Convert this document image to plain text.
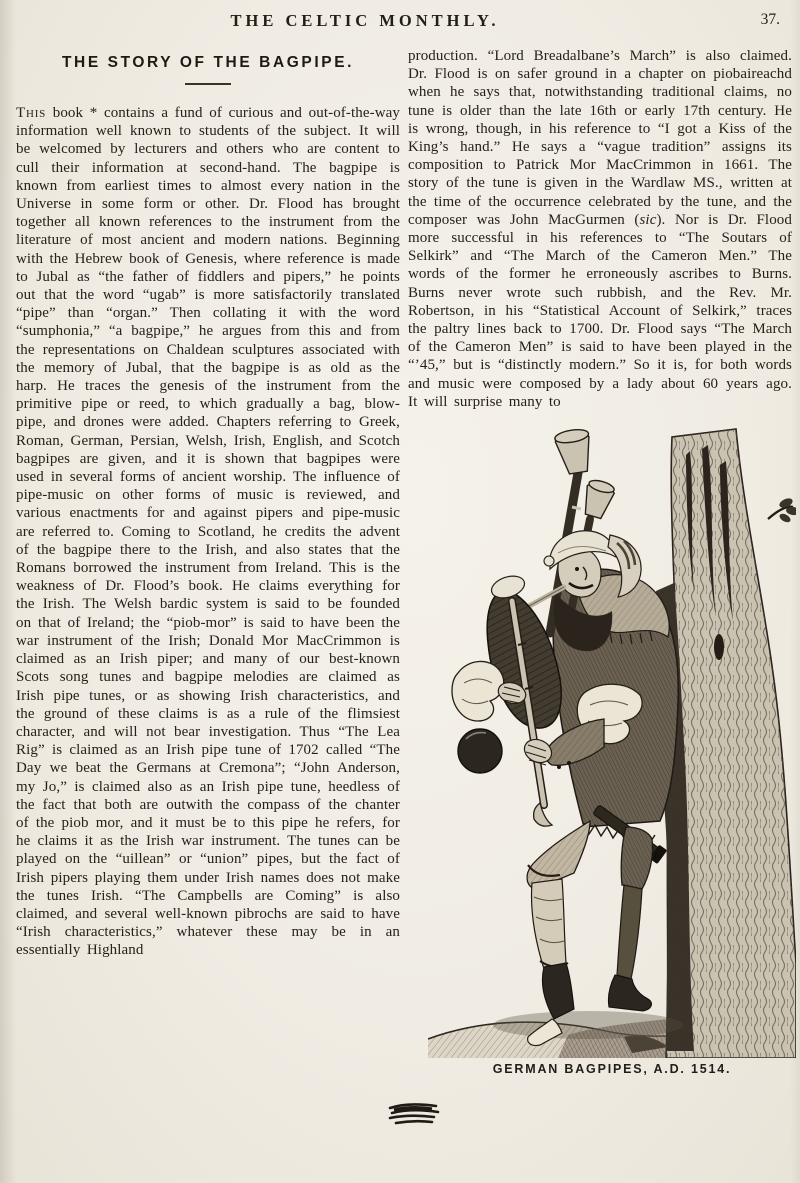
THE CELTIC MONTHLY.	37.
THE STORY OF THE BAGPIPE.

This book * contains a fund of curious and out-of-the-way information well known to students of the subject. It will be welcomed by lecturers and others who are content to cull their information at second-hand. The bagpipe is known from earliest times to almost every nation in the Universe in some form or other. Dr. Flood has brought together all known references to the instrument from the literature of most ancient and modern nations. Beginning with the Hebrew book of Genesis, where reference is made to Jubal as “the father of fiddlers and pipers,” he points out that the word “ugab” is more satisfactorily translated “pipe” than “organ.” Then collating it with the word “sumphonia,” “a bagpipe,” he argues from this and from the representations on Chaldean sculptures associated with the memory of Jubal, that the bagpipe is as old as the harp. He traces the genesis of the instrument from the primitive pipe or reed, to which gradually a bag, blow-pipe, and drones were added. Chapters referring to Greek, Roman, German, Persian, Welsh, Irish, English, and Scotch bagpipes are given, and it is shown that bagpipes were used in several forms of ancient worship. The influence of pipe-music on other forms of music is reviewed, and various enactments for and against pipers and pipe-music are referred to. Coming to Scotland, he credits the advent of the bagpipe there to the Irish, and also states that the Romans borrowed the instrument from Ireland. This is the weakness of Dr. Flood’s book. He claims everything for the Irish. The Welsh bardic system is said to be founded on that of Ireland; the “piob-mor” is said to have been the war instrument of the Irish; Donald Mor MacCrimmon is claimed as an Irish piper; and many of our best-known Scots song tunes and bagpipe melodies are claimed as Irish pipe tunes, or as showing Irish characteristics, and the ground of these claims is as a rule of the flimsiest character, and will not bear investigation. Thus “The Lea Rig” is claimed as an Irish pipe tune of 1702 called “The Day we beat the Germans at Cremona”; “John Anderson, my Jo,” is claimed also as an Irish pipe tune, heedless of the fact that both are outwith the compass of the chanter of the piob mor, and it must be to this pipe he refers, for he claims it as the Irish war instrument. The tunes can be played on the “uillean” or “union” pipes, but the fact of Irish pipers playing them under Irish names does not make the tunes Irish. “The Campbells are Coming” is also claimed, and several well-known pibrochs are said to have “Irish characteristics,” whatever these may be in an essentially Highland

production. “Lord Breadalbane’s March” is also claimed. Dr. Flood is on safer ground in a chapter on piobaireachd when he says that, notwithstanding traditional claims, no tune is older than the late 16th or early 17th century. He is wrong, though, in his reference to “I got a Kiss of the King’s hand.” He says a “vague tradition” assigns its composition to Patrick Mor MacCrimmon in 1661. The story of the tune is given in the Wardlaw MS., written at the time of the occurrence celebrated by the tune, and the composer was John MacGurmen (sic). Nor is Dr. Flood more successful in his references to “The Soutars of Selkirk” and “The March of the Cameron Men.” The words of the former he erroneously ascribes to Burns. Burns never wrote such rubbish, and the Rev. Mr. Robertson, in his “Statistical Account of Selkirk,” traces the paltry lines back to 1700. Dr. Flood says “The March of the Cameron Men” is said to have been played in the “’45,” but is “distinctly modern.” So it is, for both words and music were composed by a lady about 60 years ago. It will surprise many to

GERMAN BAGPIPES, A.D. 1514.
